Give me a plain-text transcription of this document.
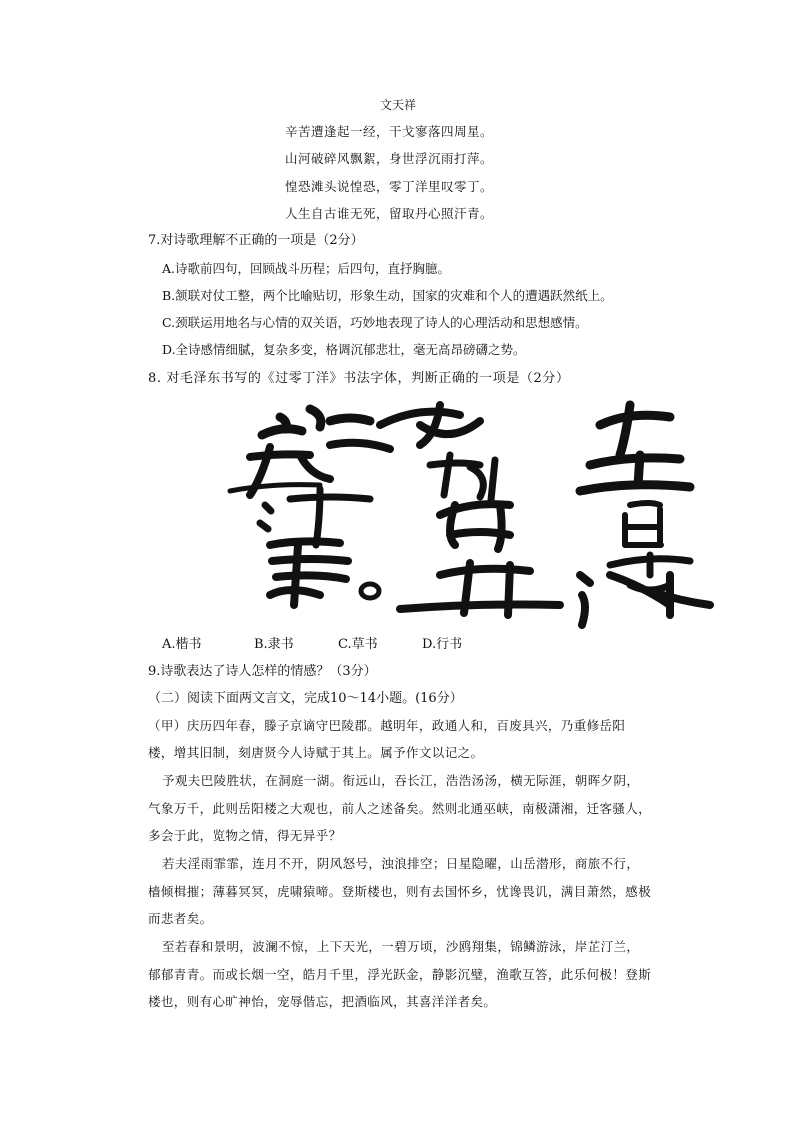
文天祥
辛苦遭逢起一经，干戈寥落四周星。
山河破碎风飘絮，身世浮沉雨打萍。
惶恐滩头说惶恐，零丁洋里叹零丁。
人生自古谁无死，留取丹心照汗青。
7.对诗歌理解不正确的一项是（2分）
A.诗歌前四句，回顾战斗历程；后四句，直抒胸臆。
B.颔联对仗工整，两个比喻贴切，形象生动，国家的灾难和个人的遭遇跃然纸上。
C.颈联运用地名与心情的双关语，巧妙地表现了诗人的心理活动和思想感情。
D.全诗感情细腻，复杂多变，格调沉郁悲壮，毫无高昂磅礴之势。
8. 对毛泽东书写的《过零丁洋》书法字体，判断正确的一项是（2分）
A.楷书	B.隶书	C.草书	D.行书
9.诗歌表达了诗人怎样的情感？（3分）
（二）阅读下面两文言文，完成10～14小题。(16分）
（甲）庆历四年春，滕子京谪守巴陵郡。越明年，政通人和，百废具兴，乃重修岳阳
楼，增其旧制，刻唐贤今人诗赋于其上。属予作文以记之。
予观夫巴陵胜状，在洞庭一湖。衔远山，吞长江，浩浩汤汤，横无际涯，朝晖夕阴，
气象万千，此则岳阳楼之大观也，前人之述备矣。然则北通巫峡，南极潇湘，迁客骚人，
多会于此，览物之情，得无异乎？
若夫淫雨霏霏，连月不开，阴风怒号，浊浪排空；日星隐曜，山岳潜形，商旅不行，
樯倾楫摧；薄暮冥冥，虎啸猿啼。登斯楼也，则有去国怀乡，忧谗畏讥，满目萧然，感极
而悲者矣。
至若春和景明，波澜不惊，上下天光，一碧万顷，沙鸥翔集，锦鳞游泳，岸芷汀兰，
郁郁青青。而或长烟一空，皓月千里，浮光跃金，静影沉璧，渔歌互答，此乐何极！登斯
楼也，则有心旷神怡，宠辱偕忘，把酒临风，其喜洋洋者矣。
